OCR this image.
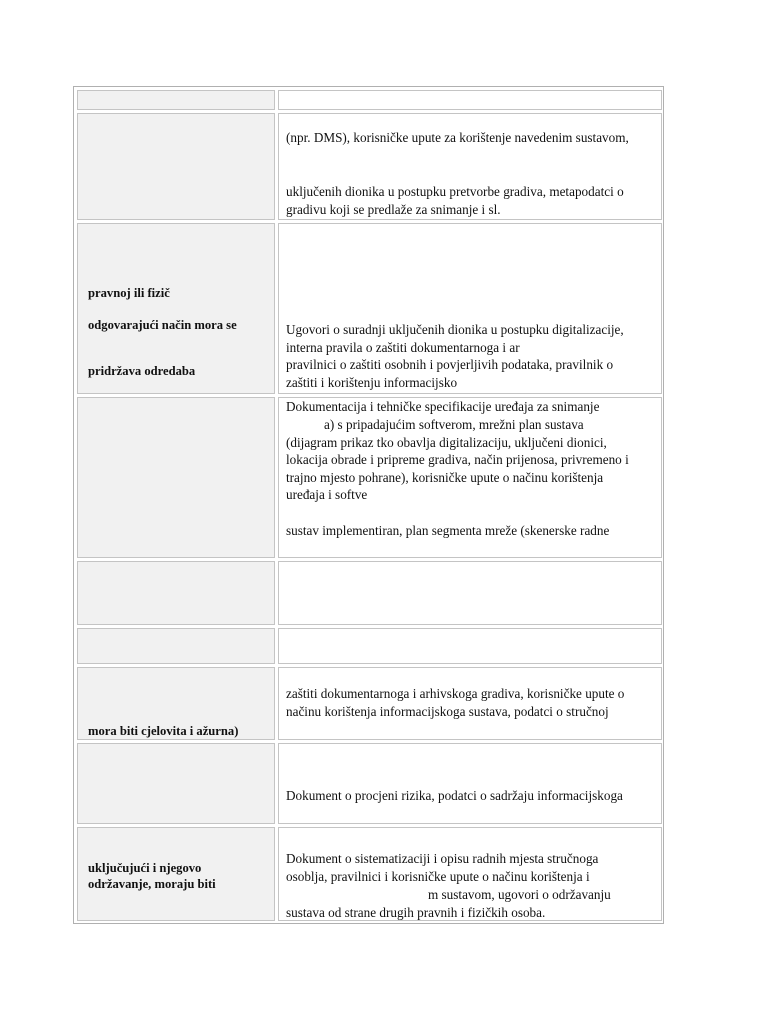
(npr. DMS), korisničke upute za korištenje navedenim sustavom,
uključenih dionika u postupku pretvorbe gradiva, metapodatci o
gradivu koji se predlaže za snimanje i sl.
pravnoj ili fizič
odgovarajući način mora se
pridržava odredaba
Ugovori o suradnji uključenih dionika u postupku digitalizacije,
interna pravila o zaštiti dokumentarnoga i ar
pravilnici o zaštiti osobnih i povjerljivih podataka, pravilnik o
zaštiti i korištenju informacijsko
Dokumentacija i tehničke specifikacije uređaja za snimanje
a) s pripadajućim softverom, mrežni plan sustava
(dijagram prikaz tko obavlja digitalizaciju, uključeni dionici,
lokacija obrade i pripreme gradiva, način prijenosa, privremeno i
trajno mjesto pohrane), korisničke upute o načinu korištenja
uređaja i softve
sustav implementiran, plan segmenta mreže (skenerske radne
mora biti cjelovita i ažurna)
zaštiti dokumentarnoga i arhivskoga gradiva, korisničke upute o
načinu korištenja informacijskoga sustava, podatci o stručnoj
Dokument o procjeni rizika, podatci o sadržaju informacijskoga
uključujući i njegovo
održavanje, moraju biti
Dokument o sistematizaciji i opisu radnih mjesta stručnoga
osoblja, pravilnici i korisničke upute o načinu korištenja i
m sustavom, ugovori o održavanju
sustava od strane drugih pravnih i fizičkih osoba.
